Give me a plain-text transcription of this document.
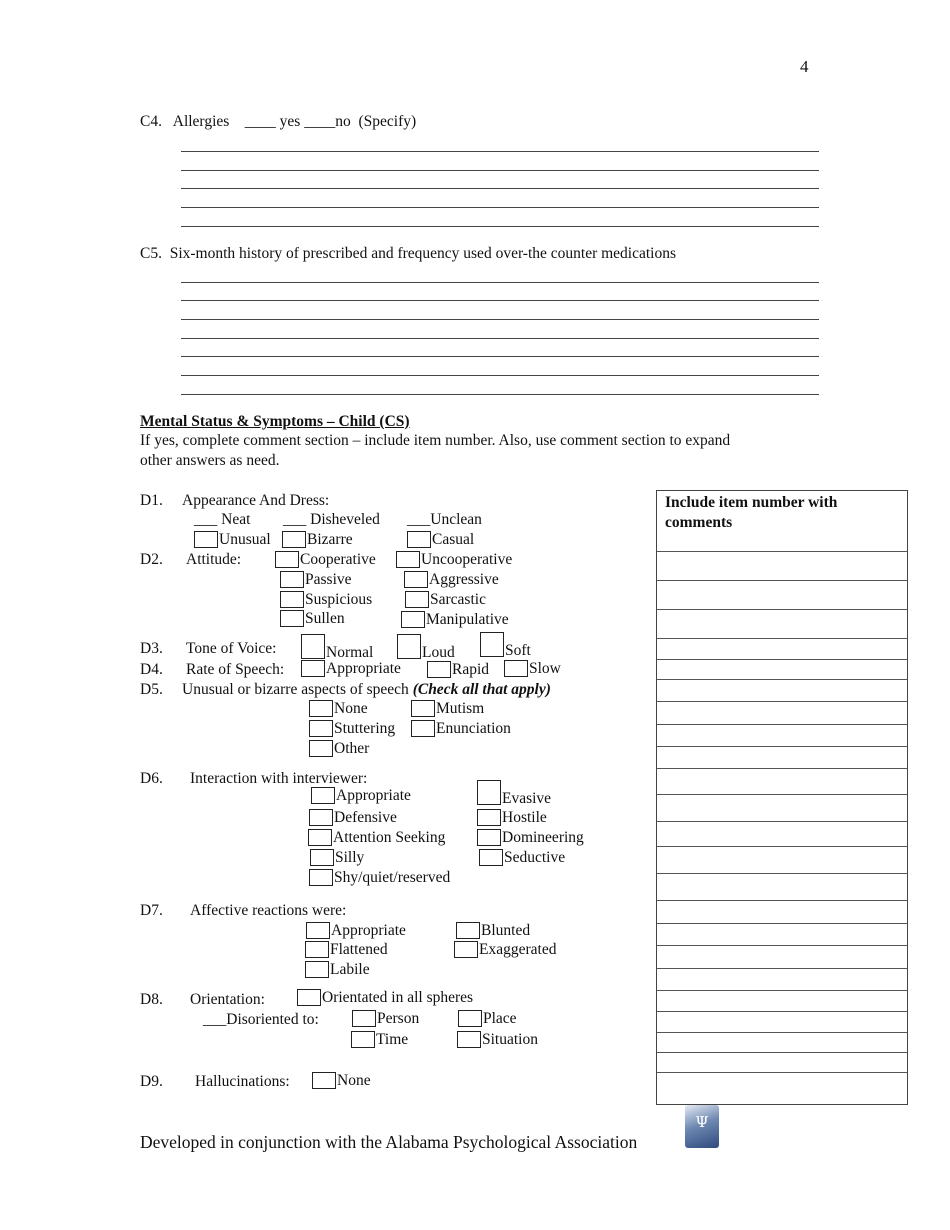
4
C4. Allergies ____ yes ____no (Specify)
C5. Six-month history of prescribed and frequency used over-the counter medications
Mental Status & Symptoms – Child (CS)
If yes, complete comment section – include item number. Also, use comment section to expand
other answers as need.
Include item number with comments
D1. Appearance And Dress:
___ Neat ___ Disheveled ___Unclean
Unusual	Bizarre	Casual
D2. Attitude:	Cooperative	Uncooperative
Passive	Aggressive
Suspicious	Sarcastic
Sullen	Manipulative
D3. Tone of Voice:	Normal	Loud	Soft
D4. Rate of Speech:	Appropriate	Rapid	Slow
D5. Unusual or bizarre aspects of speech (Check all that apply)
None	Mutism
Stuttering	Enunciation
Other
D6. Interaction with interviewer:
Appropriate	Evasive
Defensive	Hostile
Attention Seeking	Domineering
Silly	Seductive
Shy/quiet/reserved
D7. Affective reactions were:
Appropriate	Blunted
Flattened	Exaggerated
Labile
D8. Orientation:	Orientated in all spheres
___Disoriented to:	Person	Place
Time	Situation
D9. Hallucinations:	None
Developed in conjunction with the Alabama Psychological Association
Ψ
